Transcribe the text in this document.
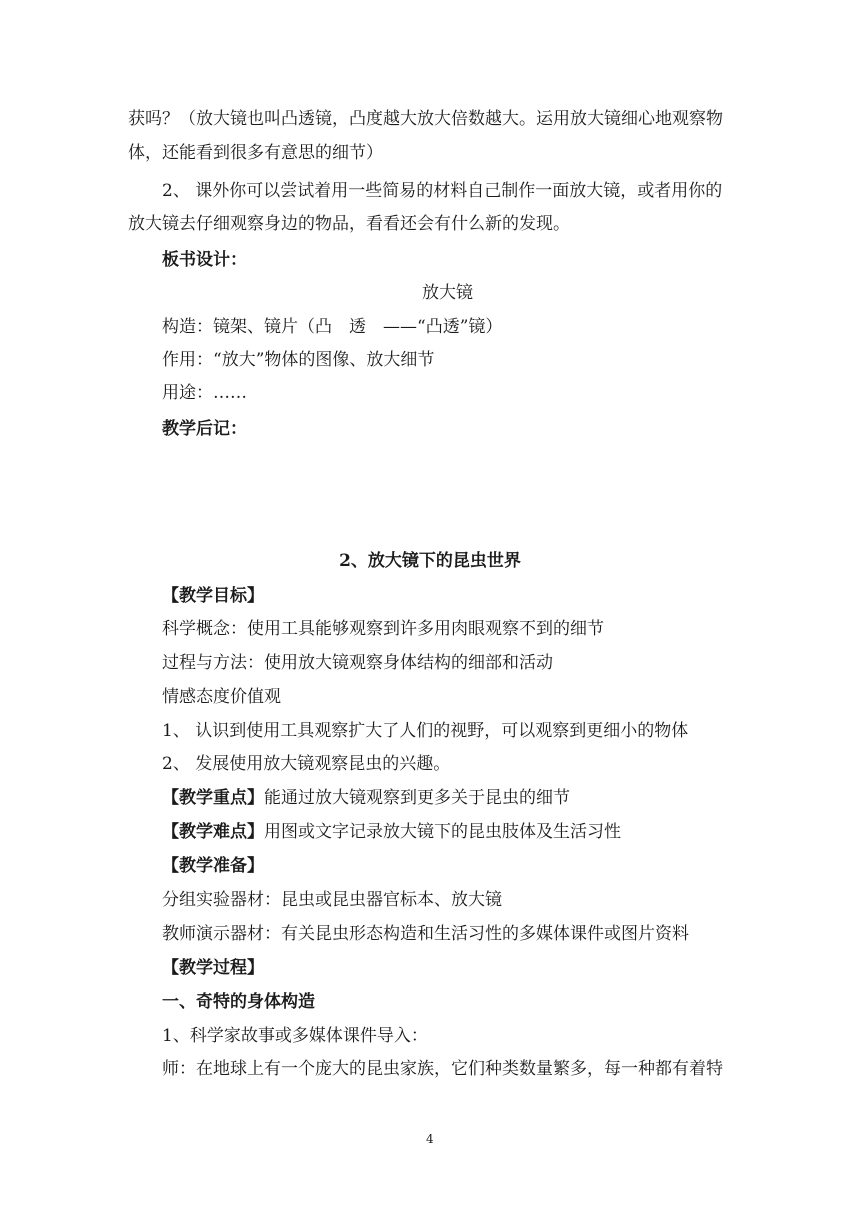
获吗？（放大镜也叫凸透镜，凸度越大放大倍数越大。运用放大镜细心地观察物
体，还能看到很多有意思的细节）
2、 课外你可以尝试着用一些简易的材料自己制作一面放大镜，或者用你的
放大镜去仔细观察身边的物品，看看还会有什么新的发现。
板书设计：
放大镜
构造：镜架、镜片（凸　透　——“凸透”镜）
作用：“放大”物体的图像、放大细节
用途：……
教学后记：
2、放大镜下的昆虫世界
【教学目标】
科学概念：使用工具能够观察到许多用肉眼观察不到的细节
过程与方法：使用放大镜观察身体结构的细部和活动
情感态度价值观
1、 认识到使用工具观察扩大了人们的视野，可以观察到更细小的物体
2、 发展使用放大镜观察昆虫的兴趣。
【教学重点】能通过放大镜观察到更多关于昆虫的细节
【教学难点】用图或文字记录放大镜下的昆虫肢体及生活习性
【教学准备】
分组实验器材：昆虫或昆虫器官标本、放大镜
教师演示器材：有关昆虫形态构造和生活习性的多媒体课件或图片资料
【教学过程】
一、奇特的身体构造
1、科学家故事或多媒体课件导入：
师：在地球上有一个庞大的昆虫家族，它们种类数量繁多，每一种都有着特
4
